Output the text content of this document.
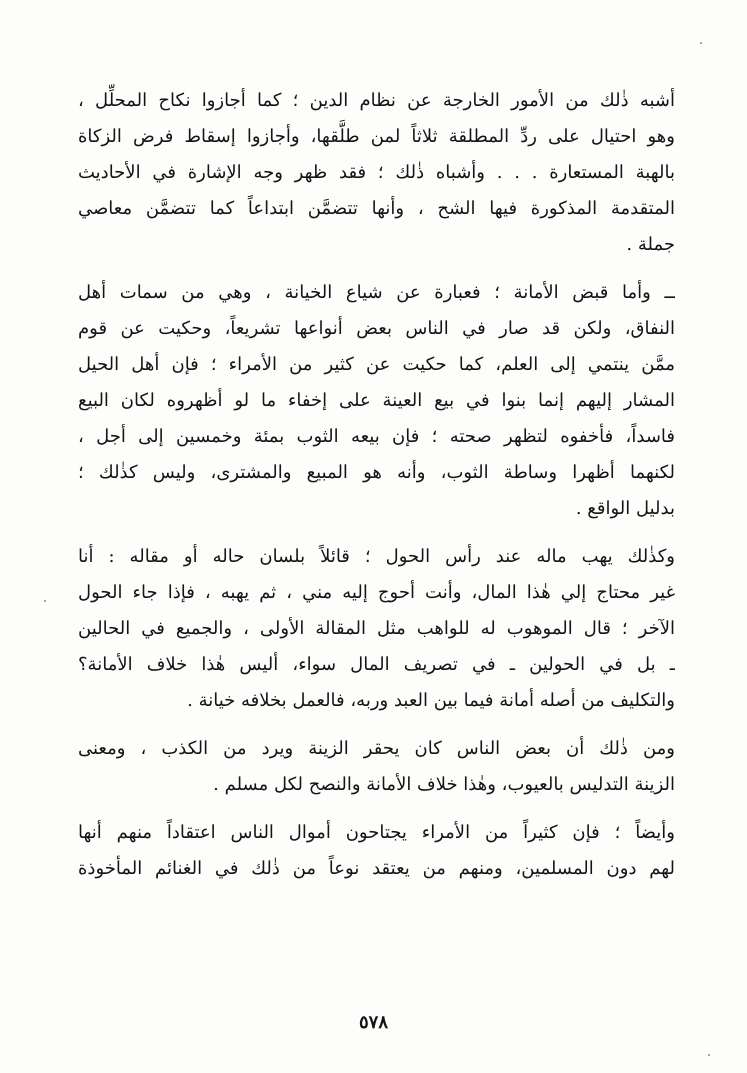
أشبه ذٰلك من الأمور الخارجة عن نظام الدين ؛ كما أجازوا نكاح المحلِّل ،
وهو احتيال على ردِّ المطلقة ثلاثاً لمن طلَّقها، وأجازوا إسقاط فرض الزكاة
بالهبة المستعارة . . . وأشباه ذٰلك ؛ فقد ظهر وجه الإشارة في الأحاديث
المتقدمة المذكورة فيها الشح ، وأنها تتضمَّن ابتداعاً كما تتضمَّن معاصي
جملة .
ــ وأما قبض الأمانة ؛ فعبارة عن شياع الخيانة ، وهي من سمات أهل
النفاق، ولكن قد صار في الناس بعض أنواعها تشريعاً، وحكيت عن قوم
ممَّن ينتمي إلى العلم، كما حكيت عن كثير من الأمراء ؛ فإن أهل الحيل
المشار إليهم إنما بنوا في بيع العينة على إخفاء ما لو أظهروه لكان البيع
فاسداً، فأخفوه لتظهر صحته ؛ فإن بيعه الثوب بمئة وخمسين إلى أجل ،
لكنهما أظهرا وساطة الثوب، وأنه هو المبيع والمشترى، وليس كذٰلك ؛
بدليل الواقع .
وكذٰلك يهب ماله عند رأس الحول ؛ قائلاً بلسان حاله أو مقاله : أنا
غير محتاج إلي هٰذا المال، وأنت أحوج إليه مني ، ثم يهبه ، فإذا جاء الحول
الآخر ؛ قال الموهوب له للواهب مثل المقالة الأولى ، والجميع في الحالين
ـ بل في الحولين ـ في تصريف المال سواء، أليس هٰذا خلاف الأمانة؟
والتكليف من أصله أمانة فيما بين العبد وربه، فالعمل بخلافه خيانة .
ومن ذٰلك أن بعض الناس كان يحقر الزينة ويرد من الكذب ، ومعنى
الزينة التدليس بالعيوب، وهٰذا خلاف الأمانة والنصح لكل مسلم .
وأيضاً ؛ فإن كثيراً من الأمراء يجتاحون أموال الناس اعتقاداً منهم أنها
لهم دون المسلمين، ومنهم من يعتقد نوعاً من ذٰلك في الغنائم المأخوذة
٥٧٨
